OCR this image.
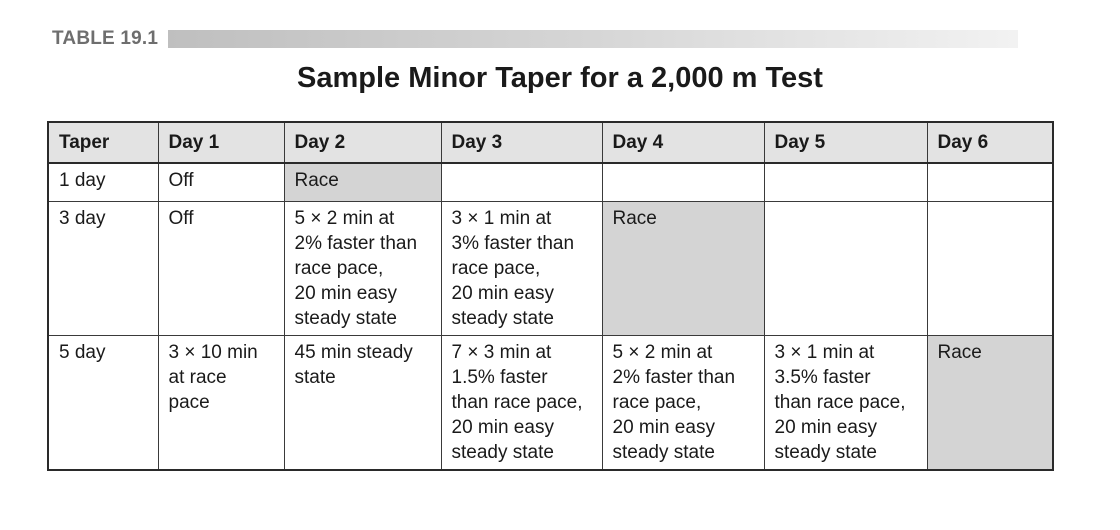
TABLE 19.1
Sample Minor Taper for a 2,000 m Test
Taper	Day 1	Day 2	Day 3	Day 4	Day 5	Day 6
1 day	Off	Race				
3 day	Off	5 × 2 min at
2% faster than
race pace,
20 min easy
steady state	3 × 1 min at
3% faster than
race pace,
20 min easy
steady state	Race		
5 day	3 × 10 min
at race
pace	45 min steady
state	7 × 3 min at
1.5% faster
than race pace,
20 min easy
steady state	5 × 2 min at
2% faster than
race pace,
20 min easy
steady state	3 × 1 min at
3.5% faster
than race pace,
20 min easy
steady state	Race
